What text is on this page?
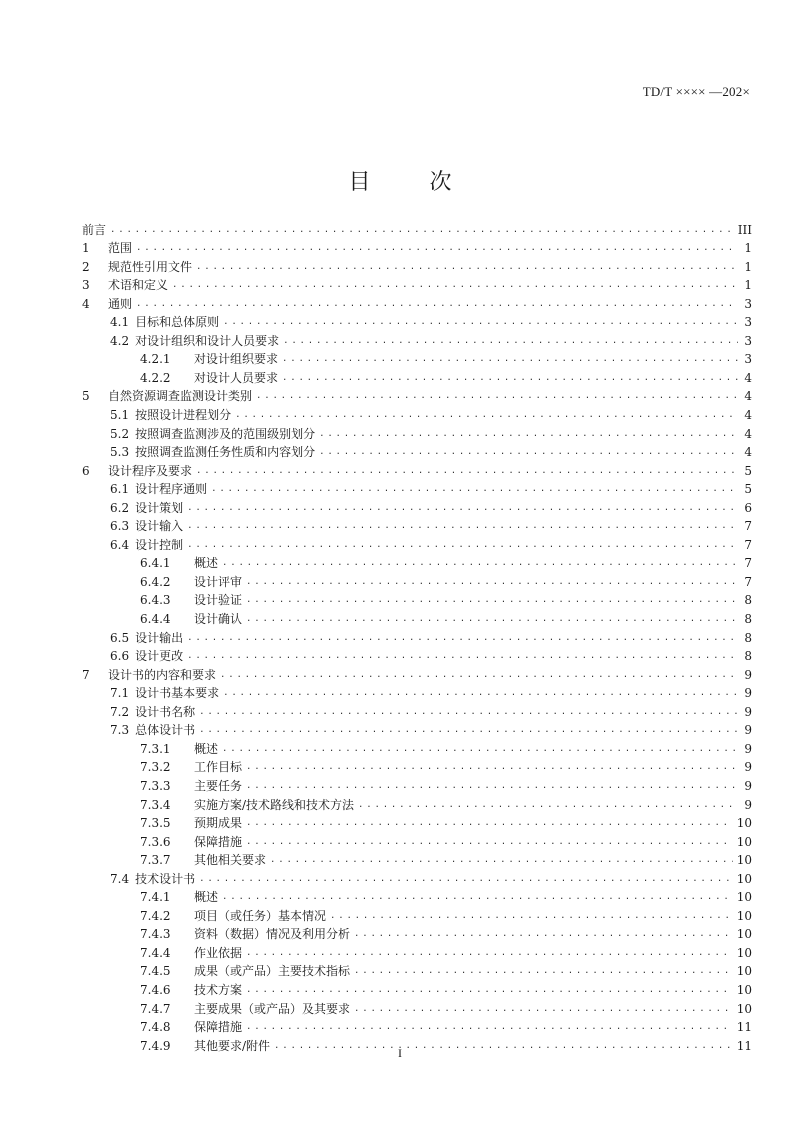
TD/T ×××× —202×
目 次
前言 .....	III
1	范围 .....	1
2	规范性引用文件 .....	1
3	术语和定义 .....	1
4	通则 .....	3
4.1 目标和总体原则 .....	3
4.2 对设计组织和设计人员要求 .....	3
4.2.1	对设计组织要求 .....	3
4.2.2	对设计人员要求 .....	4
5	自然资源调查监测设计类别 .....	4
5.1 按照设计进程划分 .....	4
5.2 按照调查监测涉及的范围级别划分 .....	4
5.3 按照调查监测任务性质和内容划分 .....	4
6	设计程序及要求 .....	5
6.1 设计程序通则 .....	5
6.2 设计策划 .....	6
6.3 设计输入 .....	7
6.4 设计控制 .....	7
6.4.1	概述 .....	7
6.4.2	设计评审 .....	7
6.4.3	设计验证 .....	8
6.4.4	设计确认 .....	8
6.5 设计输出 .....	8
6.6 设计更改 .....	8
7	设计书的内容和要求 .....	9
7.1 设计书基本要求 .....	9
7.2 设计书名称 .....	9
7.3 总体设计书 .....	9
7.3.1	概述 .....	9
7.3.2	工作目标 .....	9
7.3.3	主要任务 .....	9
7.3.4	实施方案/技术路线和技术方法 .....	9
7.3.5	预期成果 .....	10
7.3.6	保障措施 .....	10
7.3.7	其他相关要求 .....	10
7.4 技术设计书 .....	10
7.4.1	概述 .....	10
7.4.2	项目（或任务）基本情况 .....	10
7.4.3	资料（数据）情况及利用分析 .....	10
7.4.4	作业依据 .....	10
7.4.5	成果（或产品）主要技术指标 .....	10
7.4.6	技术方案 .....	10
7.4.7	主要成果（或产品）及其要求 .....	10
7.4.8	保障措施 .....	11
7.4.9	其他要求/附件 .....	11
I
